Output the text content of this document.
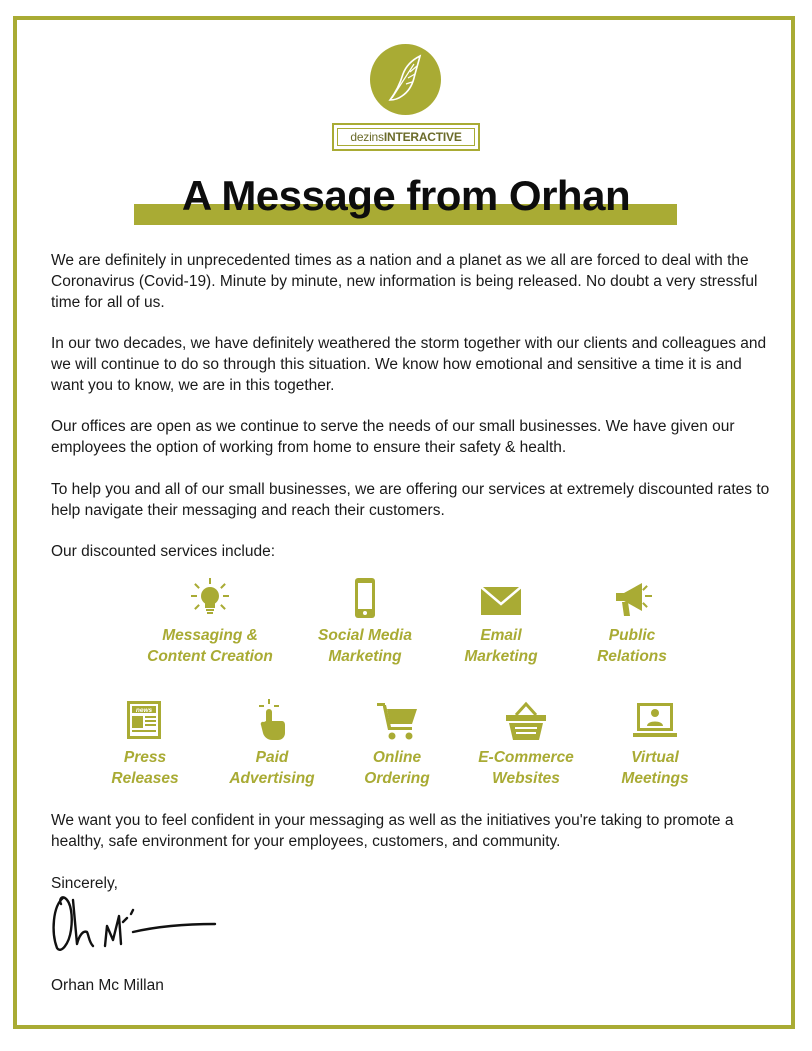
dezins INTERACTIVE
A Message from Orhan

We are definitely in unprecedented times as a nation and a planet as we all are forced to deal with the Coronavirus (Covid-19). Minute by minute, new information is being released. No doubt a very stressful time for all of us.

In our two decades, we have definitely weathered the storm together with our clients and colleagues and we will continue to do so through this situation. We know how emotional and sensitive a time it is and want you to know, we are in this together.

Our offices are open as we continue to serve the needs of our small businesses. We have given our employees the option of working from home to ensure their safety & health.

To help you and all of our small businesses, we are offering our services at extremely discounted rates to help navigate their messaging and reach their customers.

Our discounted services include:

Messaging &
Content Creation
Social Media
Marketing
Email
Marketing
Public
Relations
news
Press
Releases
Paid
Advertising
Online
Ordering
E-Commerce
Websites
Virtual
Meetings

We want you to feel confident in your messaging as well as the initiatives you're taking to promote a healthy, safe environment for your employees, customers, and community.

Sincerely,

Orhan Mc Millan
